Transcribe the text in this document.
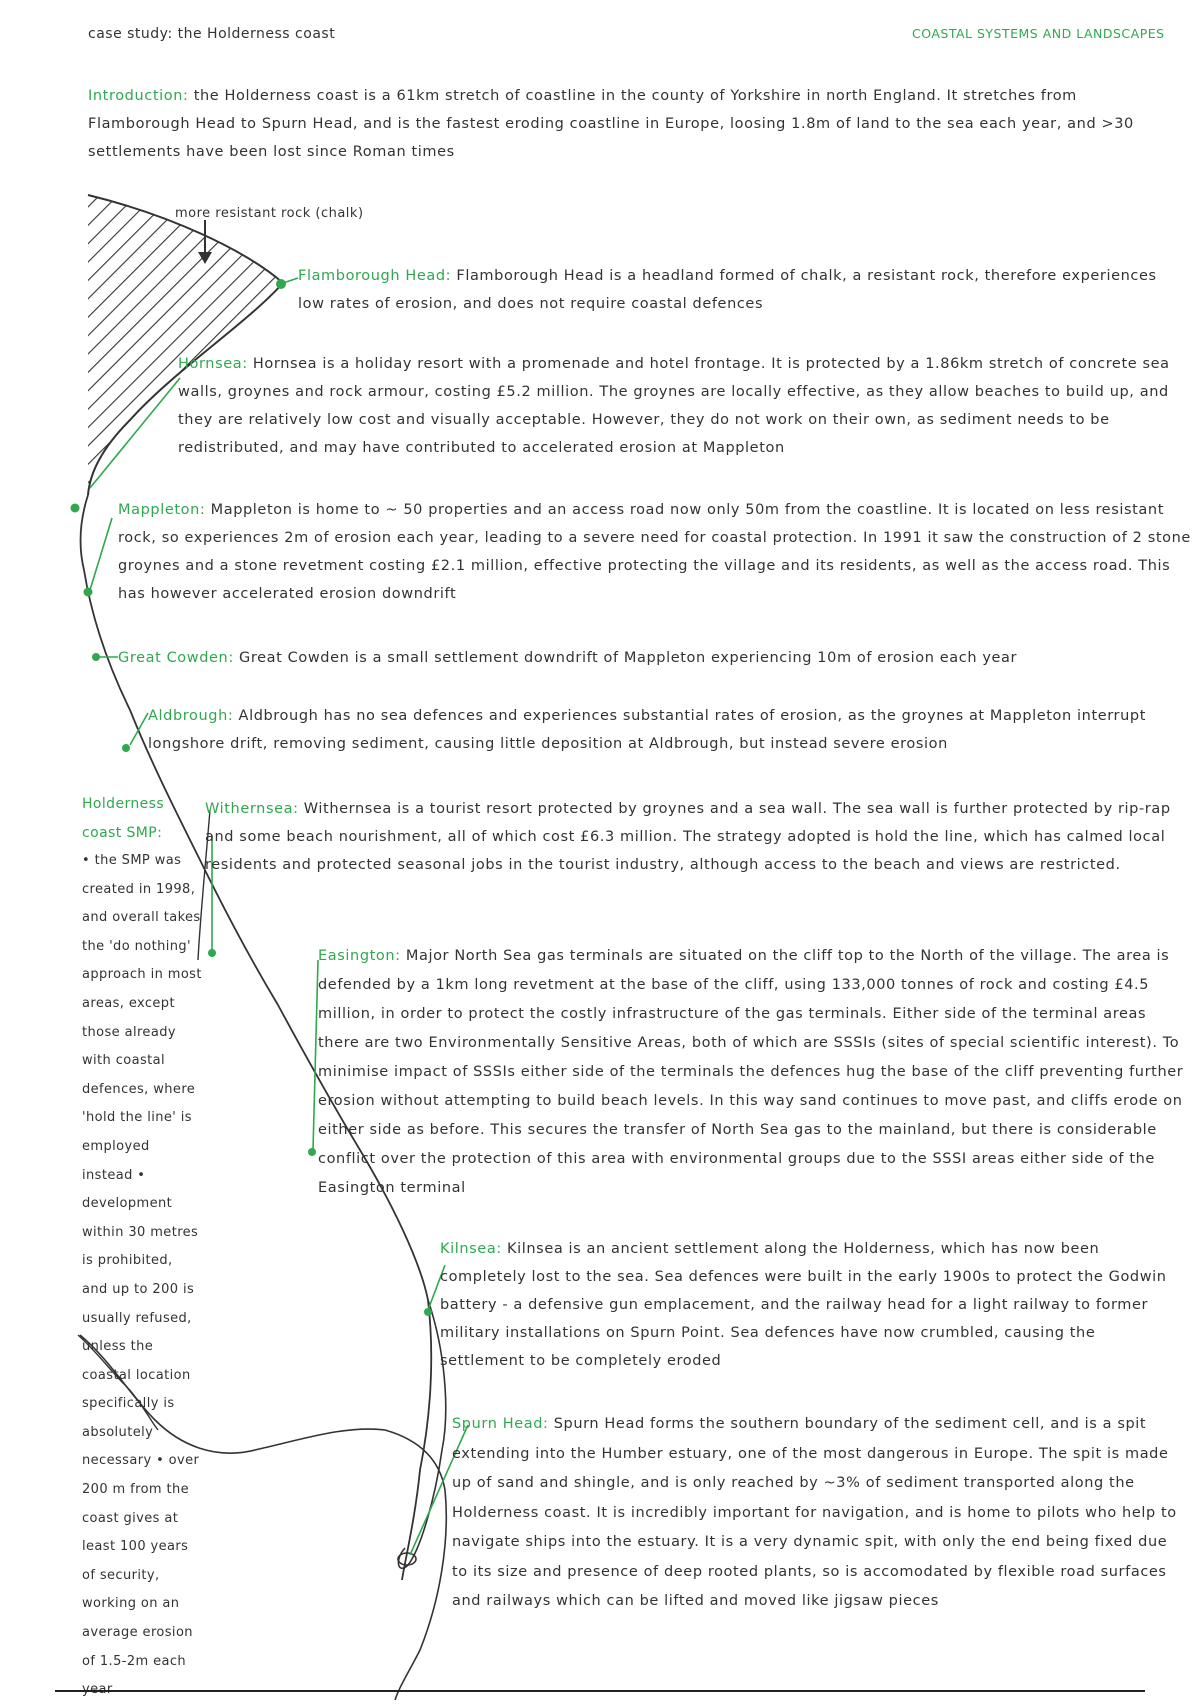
case study: the Holderness coast	COASTAL SYSTEMS AND LANDSCAPES
Introduction: the Holderness coast is a 61km stretch of coastline in the county of Yorkshire in north England. It stretches from Flamborough Head to Spurn Head, and is the fastest eroding coastline in Europe, loosing 1.8m of land to the sea each year, and >30 settlements have been lost since Roman times
more resistant rock (chalk)
Flamborough Head: Flamborough Head is a headland formed of chalk, a resistant rock, therefore experiences low rates of erosion, and does not require coastal defences
Hornsea: Hornsea is a holiday resort with a promenade and hotel frontage. It is protected by a 1.86km stretch of concrete sea walls, groynes and rock armour, costing £5.2 million. The groynes are locally effective, as they allow beaches to build up, and they are relatively low cost and visually acceptable. However, they do not work on their own, as sediment needs to be redistributed, and may have contributed to accelerated erosion at Mappleton
Mappleton: Mappleton is home to ~ 50 properties and an access road now only 50m from the coastline. It is located on less resistant rock, so experiences 2m of erosion each year, leading to a severe need for coastal protection. In 1991 it saw the construction of 2 stone groynes and a stone revetment costing £2.1 million, effective protecting the village and its residents, as well as the access road. This has however accelerated erosion downdrift
Great Cowden: Great Cowden is a small settlement downdrift of Mappleton experiencing 10m of erosion each year
Aldbrough: Aldbrough has no sea defences and experiences substantial rates of erosion, as the groynes at Mappleton interrupt longshore drift, removing sediment, causing little deposition at Aldbrough, but instead severe erosion
Withernsea: Withernsea is a tourist resort protected by groynes and a sea wall. The sea wall is further protected by rip-rap and some beach nourishment, all of which cost £6.3 million. The strategy adopted is hold the line, which has calmed local residents and protected seasonal jobs in the tourist industry, although access to the beach and views are restricted.
Easington: Major North Sea gas terminals are situated on the cliff top to the North of the village. The area is defended by a 1km long revetment at the base of the cliff, using 133,000 tonnes of rock and costing £4.5 million, in order to protect the costly infrastructure of the gas terminals. Either side of the terminal areas there are two Environmentally Sensitive Areas, both of which are SSSIs (sites of special scientific interest). To minimise impact of SSSIs either side of the terminals the defences hug the base of the cliff preventing further erosion without attempting to build beach levels. In this way sand continues to move past, and cliffs erode on either side as before. This secures the transfer of North Sea gas to the mainland, but there is considerable conflict over the protection of this area with environmental groups due to the SSSI areas either side of the Easington terminal
Kilnsea: Kilnsea is an ancient settlement along the Holderness, which has now been completely lost to the sea. Sea defences were built in the early 1900s to protect the Godwin battery - a defensive gun emplacement, and the railway head for a light railway to former military installations on Spurn Point. Sea defences have now crumbled, causing the settlement to be completely eroded
Spurn Head: Spurn Head forms the southern boundary of the sediment cell, and is a spit extending into the Humber estuary, one of the most dangerous in Europe. The spit is made up of sand and shingle, and is only reached by ~3% of sediment transported along the Holderness coast. It is incredibly important for navigation, and is home to pilots who help to navigate ships into the estuary. It is a very dynamic spit, with only the end being fixed due to its size and presence of deep rooted plants, so is accomodated by flexible road surfaces and railways which can be lifted and moved like jigsaw pieces
Holderness
coast SMP:
• the SMP was created in 1998, and overall takes the 'do nothing' approach in most areas, except those already with coastal defences, where 'hold the line' is employed instead • development within 30 metres is prohibited, and up to 200 is usually refused, unless the coastal location specifically is absolutely necessary • over 200 m from the coast gives at least 100 years of security, working on an average erosion of 1.5-2m each
